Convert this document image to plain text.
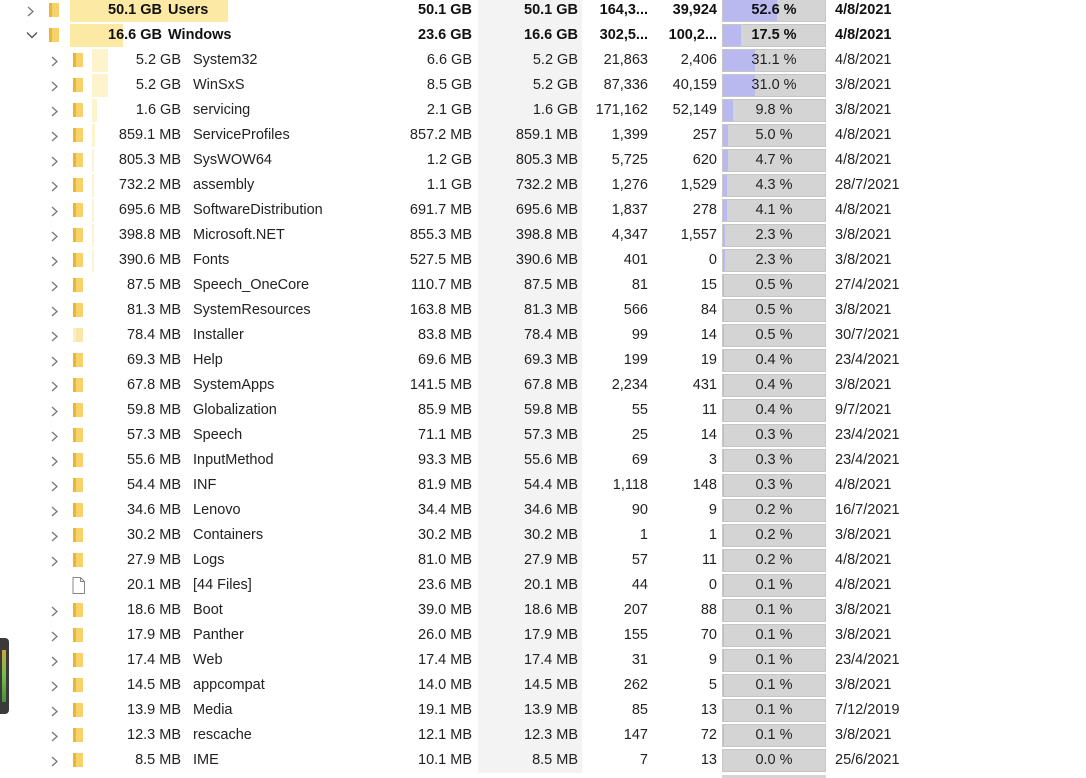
50.1 GB Users	50.1 GB	50.1 GB	164,3...	39,924	52.6 %	4/8/2021
16.6 GB Windows	23.6 GB	16.6 GB	302,5...	100,2...	17.5 %	4/8/2021
5.2 GB System32	6.6 GB	5.2 GB	21,863	2,406	31.1 %	4/8/2021
5.2 GB WinSxS	8.5 GB	5.2 GB	87,336	40,159	31.0 %	3/8/2021
1.6 GB servicing	2.1 GB	1.6 GB	171,162	52,149	9.8 %	3/8/2021
859.1 MB ServiceProfiles	857.2 MB	859.1 MB	1,399	257	5.0 %	4/8/2021
805.3 MB SysWOW64	1.2 GB	805.3 MB	5,725	620	4.7 %	4/8/2021
732.2 MB assembly	1.1 GB	732.2 MB	1,276	1,529	4.3 %	28/7/2021
695.6 MB SoftwareDistribution	691.7 MB	695.6 MB	1,837	278	4.1 %	4/8/2021
398.8 MB Microsoft.NET	855.3 MB	398.8 MB	4,347	1,557	2.3 %	3/8/2021
390.6 MB Fonts	527.5 MB	390.6 MB	401	0	2.3 %	3/8/2021
87.5 MB Speech_OneCore	110.7 MB	87.5 MB	81	15	0.5 %	27/4/2021
81.3 MB SystemResources	163.8 MB	81.3 MB	566	84	0.5 %	3/8/2021
78.4 MB Installer	83.8 MB	78.4 MB	99	14	0.5 %	30/7/2021
69.3 MB Help	69.6 MB	69.3 MB	199	19	0.4 %	23/4/2021
67.8 MB SystemApps	141.5 MB	67.8 MB	2,234	431	0.4 %	3/8/2021
59.8 MB Globalization	85.9 MB	59.8 MB	55	11	0.4 %	9/7/2021
57.3 MB Speech	71.1 MB	57.3 MB	25	14	0.3 %	23/4/2021
55.6 MB InputMethod	93.3 MB	55.6 MB	69	3	0.3 %	23/4/2021
54.4 MB INF	81.9 MB	54.4 MB	1,118	148	0.3 %	4/8/2021
34.6 MB Lenovo	34.4 MB	34.6 MB	90	9	0.2 %	16/7/2021
30.2 MB Containers	30.2 MB	30.2 MB	1	1	0.2 %	3/8/2021
27.9 MB Logs	81.0 MB	27.9 MB	57	11	0.2 %	4/8/2021
20.1 MB [44 Files]	23.6 MB	20.1 MB	44	0	0.1 %	4/8/2021
18.6 MB Boot	39.0 MB	18.6 MB	207	88	0.1 %	3/8/2021
17.9 MB Panther	26.0 MB	17.9 MB	155	70	0.1 %	3/8/2021
17.4 MB Web	17.4 MB	17.4 MB	31	9	0.1 %	23/4/2021
14.5 MB appcompat	14.0 MB	14.5 MB	262	5	0.1 %	3/8/2021
13.9 MB Media	19.1 MB	13.9 MB	85	13	0.1 %	7/12/2019
12.3 MB rescache	12.1 MB	12.3 MB	147	72	0.1 %	3/8/2021
8.5 MB IME	10.1 MB	8.5 MB	7	13	0.0 %	25/6/2021
